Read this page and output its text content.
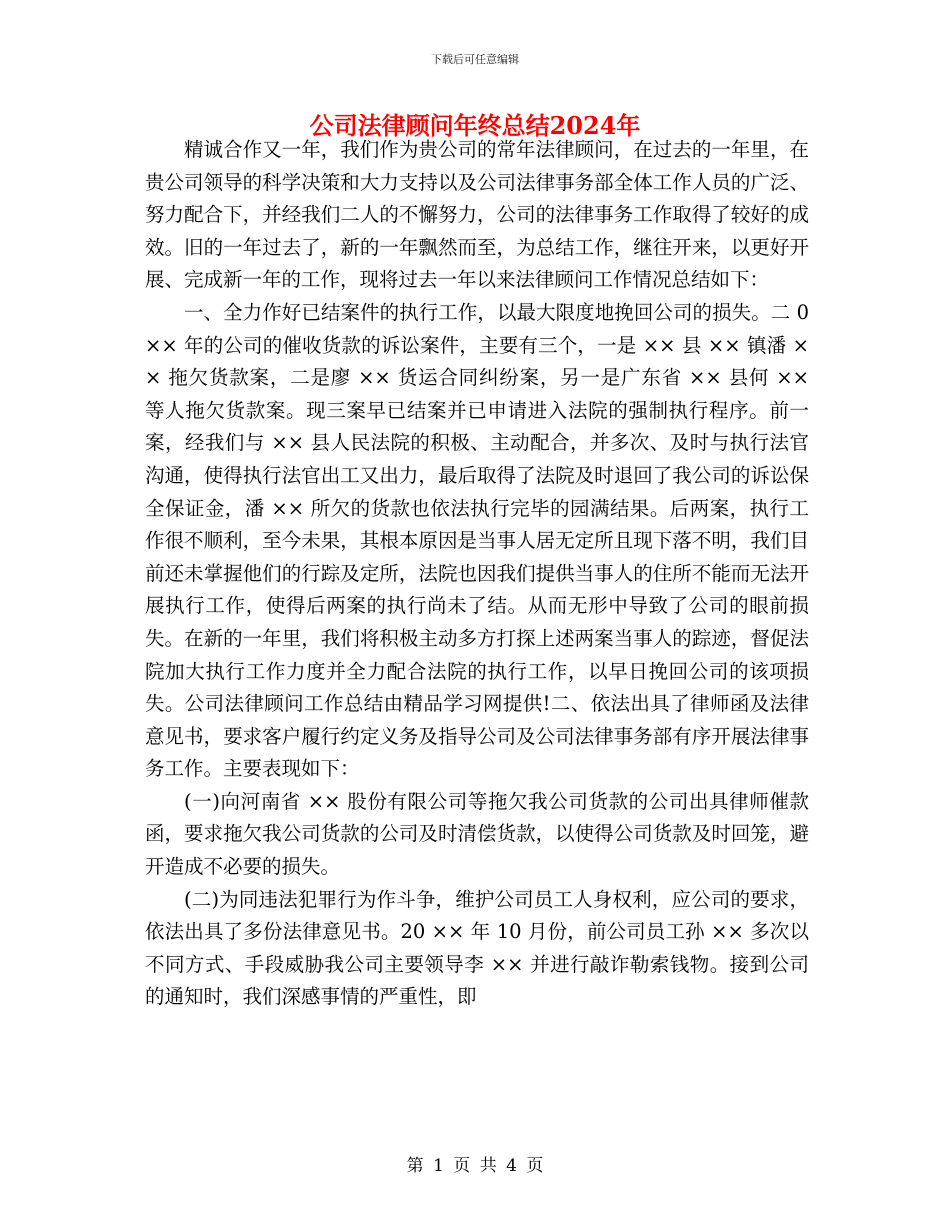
下载后可任意编辑
公司法律顾问年终总结2024年

精诚合作又一年，我们作为贵公司的常年法律顾问，在过去的一年里，在贵公司领导的科学决策和大力支持以及公司法律事务部全体工作人员的广泛、努力配合下，并经我们二人的不懈努力，公司的法律事务工作取得了较好的成效。旧的一年过去了，新的一年飘然而至，为总结工作，继往开来，以更好开展、完成新一年的工作，现将过去一年以来法律顾问工作情况总结如下：

一、全力作好已结案件的执行工作，以最大限度地挽回公司的损失。二 0 ×× 年的公司的催收货款的诉讼案件，主要有三个，一是 ×× 县 ×× 镇潘 ×× 拖欠货款案，二是廖 ×× 货运合同纠纷案，另一是广东省 ×× 县何 ×× 等人拖欠货款案。现三案早已结案并已申请进入法院的强制执行程序。前一案，经我们与 ×× 县人民法院的积极、主动配合，并多次、及时与执行法官沟通，使得执行法官出工又出力，最后取得了法院及时退回了我公司的诉讼保全保证金，潘 ×× 所欠的货款也依法执行完毕的园满结果。后两案，执行工作很不顺利，至今未果，其根本原因是当事人居无定所且现下落不明，我们目前还未掌握他们的行踪及定所，法院也因我们提供当事人的住所不能而无法开展执行工作，使得后两案的执行尚未了结。从而无形中导致了公司的眼前损失。在新的一年里，我们将积极主动多方打探上述两案当事人的踪迹，督促法院加大执行工作力度并全力配合法院的执行工作，以早日挽回公司的该项损失。公司法律顾问工作总结由精品学习网提供!二、依法出具了律师函及法律意见书，要求客户履行约定义务及指导公司及公司法律事务部有序开展法律事务工作。主要表现如下：

(一)向河南省 ×× 股份有限公司等拖欠我公司货款的公司出具律师催款函，要求拖欠我公司货款的公司及时清偿货款，以使得公司货款及时回笼，避开造成不必要的损失。

(二)为同违法犯罪行为作斗争，维护公司员工人身权利，应公司的要求，依法出具了多份法律意见书。20 ×× 年 10 月份，前公司员工孙 ×× 多次以不同方式、手段威胁我公司主要领导李 ×× 并进行敲诈勒索钱物。接到公司的通知时，我们深感事情的严重性，即

第 1 页 共 4 页
